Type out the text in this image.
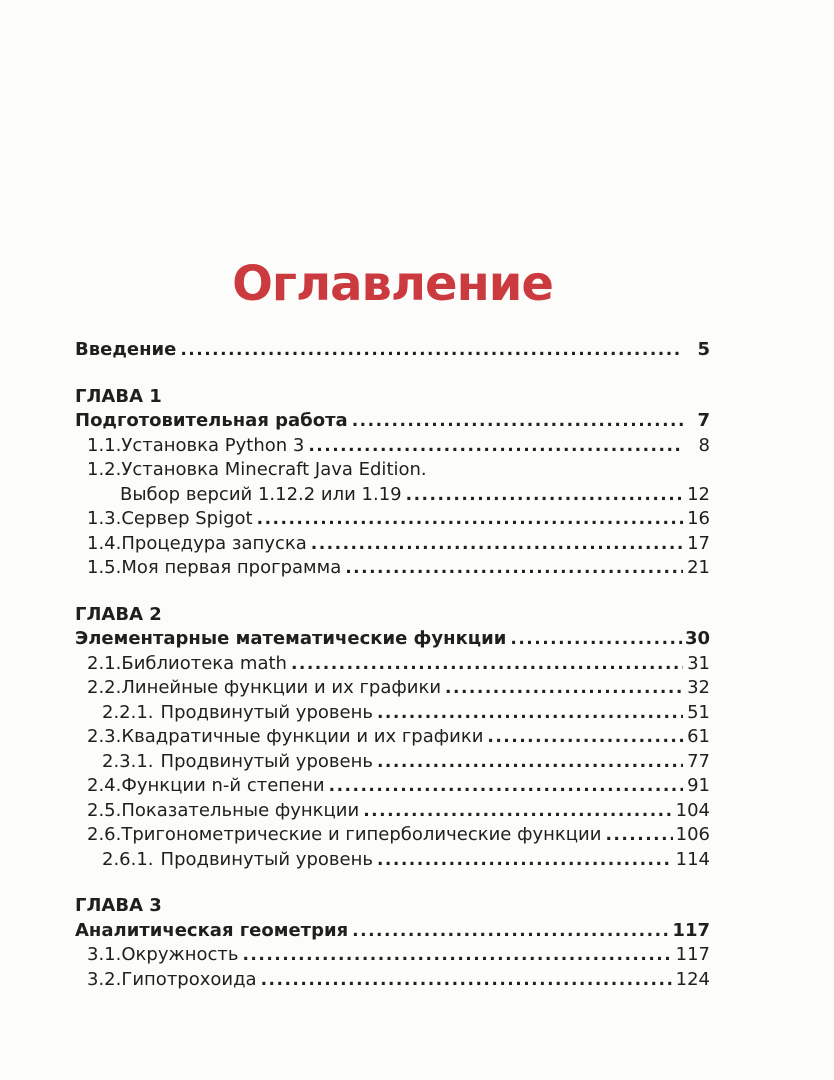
Оглавление
Введение .....	5
ГЛАВА 1
Подготовительная работа .....	7
1.1. Установка Python 3 .....	8
1.2. Установка Minecraft Java Edition.
Выбор версий 1.12.2 или 1.19 .....	12
1.3. Сервер Spigot .....	16
1.4. Процедура запуска .....	17
1.5. Моя первая программа .....	21
ГЛАВА 2
Элементарные математические функции .....	30
2.1. Библиотека math .....	31
2.2. Линейные функции и их графики .....	32
2.2.1. Продвинутый уровень .....	51
2.3. Квадратичные функции и их графики .....	61
2.3.1. Продвинутый уровень .....	77
2.4. Функции n-й степени .....	91
2.5. Показательные функции .....	104
2.6. Тригонометрические и гиперболические функции .....	106
2.6.1. Продвинутый уровень .....	114
ГЛАВА 3
Аналитическая геометрия .....	117
3.1. Окружность .....	117
3.2. Гипотрохоида .....	124
